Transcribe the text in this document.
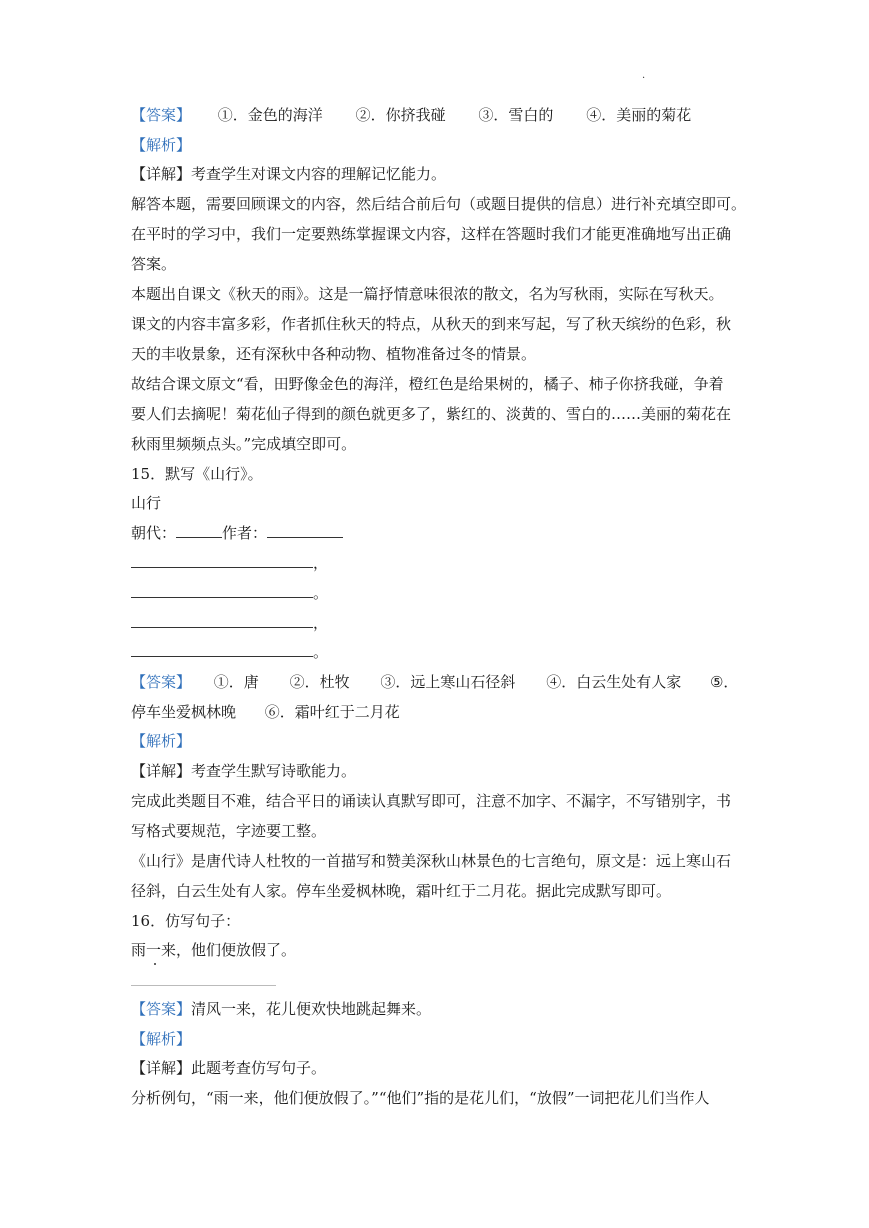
.
【答案】 ①．金色的海洋 ②．你挤我碰 ③．雪白的 ④．美丽的菊花
【解析】
【详解】考查学生对课文内容的理解记忆能力。
解答本题，需要回顾课文的内容，然后结合前后句（或题目提供的信息）进行补充填空即可。
在平时的学习中，我们一定要熟练掌握课文内容，这样在答题时我们才能更准确地写出正确
答案。
本题出自课文《秋天的雨》。这是一篇抒情意味很浓的散文，名为写秋雨，实际在写秋天。
课文的内容丰富多彩，作者抓住秋天的特点，从秋天的到来写起，写了秋天缤纷的色彩，秋
天的丰收景象，还有深秋中各种动物、植物准备过冬的情景。
故结合课文原文“看，田野像金色的海洋，橙红色是给果树的，橘子、柿子你挤我碰，争着
要人们去摘呢！菊花仙子得到的颜色就更多了，紫红的、淡黄的、雪白的……美丽的菊花在
秋雨里频频点头。”完成填空即可。
15．默写《山行》。
山行
朝代：	作者：
，
。
，
。
【答案】 ①．唐 ②．杜牧 ③．远上寒山石径斜 ④．白云生处有人家 ⑤．
停车坐爱枫林晚 ⑥．霜叶红于二月花
【解析】
【详解】考查学生默写诗歌能力。
完成此类题目不难，结合平日的诵读认真默写即可，注意不加字、不漏字，不写错别字，书
写格式要规范，字迹要工整。
《山行》是唐代诗人杜牧的一首描写和赞美深秋山林景色的七言绝句，原文是：远上寒山石
径斜，白云生处有人家。停车坐爱枫林晚，霜叶红于二月花。据此完成默写即可。
16．仿写句子：
雨一来，他们便放假了。
【答案】清风一来，花儿便欢快地跳起舞来。
【解析】
【详解】此题考查仿写句子。
分析例句，“雨一来，他们便放假了。”“他们”指的是花儿们，“放假”一词把花儿们当作人
